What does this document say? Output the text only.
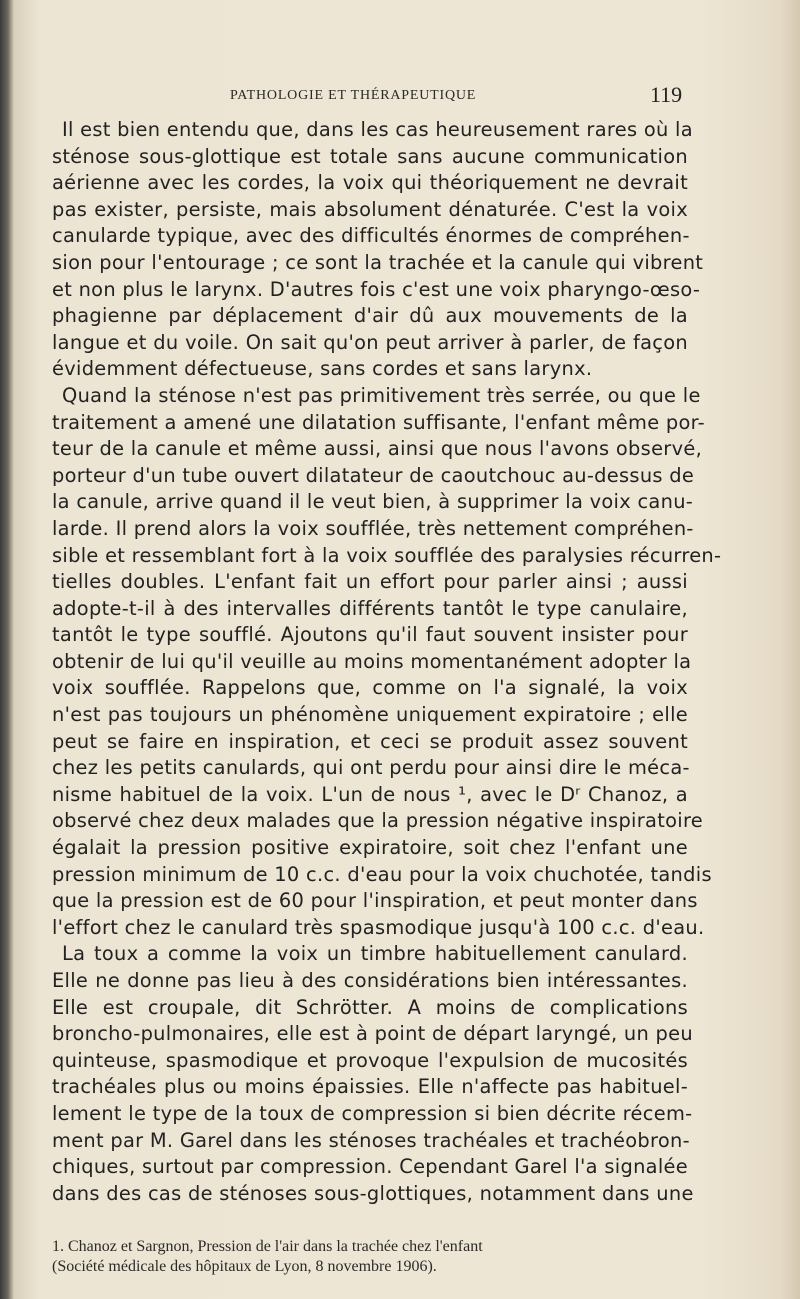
PATHOLOGIE ET THÉRAPEUTIQUE	119
Il est bien entendu que, dans les cas heureusement rares où la
sténose sous-glottique est totale sans aucune communication
aérienne avec les cordes, la voix qui théoriquement ne devrait
pas exister, persiste, mais absolument dénaturée. C'est la voix
canularde typique, avec des difficultés énormes de compréhen-
sion pour l'entourage ; ce sont la trachée et la canule qui vibrent
et non plus le larynx. D'autres fois c'est une voix pharyngo-œso-
phagienne par déplacement d'air dû aux mouvements de la
langue et du voile. On sait qu'on peut arriver à parler, de façon
évidemment défectueuse, sans cordes et sans larynx.
Quand la sténose n'est pas primitivement très serrée, ou que le
traitement a amené une dilatation suffisante, l'enfant même por-
teur de la canule et même aussi, ainsi que nous l'avons observé,
porteur d'un tube ouvert dilatateur de caoutchouc au-dessus de
la canule, arrive quand il le veut bien, à supprimer la voix canu-
larde. Il prend alors la voix soufflée, très nettement compréhen-
sible et ressemblant fort à la voix soufflée des paralysies récurren-
tielles doubles. L'enfant fait un effort pour parler ainsi ; aussi
adopte-t-il à des intervalles différents tantôt le type canulaire,
tantôt le type soufflé. Ajoutons qu'il faut souvent insister pour
obtenir de lui qu'il veuille au moins momentanément adopter la
voix soufflée. Rappelons que, comme on l'a signalé, la voix
n'est pas toujours un phénomène uniquement expiratoire ; elle
peut se faire en inspiration, et ceci se produit assez souvent
chez les petits canulards, qui ont perdu pour ainsi dire le méca-
nisme habituel de la voix. L'un de nous ¹, avec le Dʳ Chanoz, a
observé chez deux malades que la pression négative inspiratoire
égalait la pression positive expiratoire, soit chez l'enfant une
pression minimum de 10 c.c. d'eau pour la voix chuchotée, tandis
que la pression est de 60 pour l'inspiration, et peut monter dans
l'effort chez le canulard très spasmodique jusqu'à 100 c.c. d'eau.
La toux a comme la voix un timbre habituellement canulard.
Elle ne donne pas lieu à des considérations bien intéressantes.
Elle est croupale, dit Schrötter. A moins de complications
broncho-pulmonaires, elle est à point de départ laryngé, un peu
quinteuse, spasmodique et provoque l'expulsion de mucosités
trachéales plus ou moins épaissies. Elle n'affecte pas habituel-
lement le type de la toux de compression si bien décrite récem-
ment par M. Garel dans les sténoses trachéales et trachéobron-
chiques, surtout par compression. Cependant Garel l'a signalée
dans des cas de sténoses sous-glottiques, notamment dans une
1. Chanoz et Sargnon, Pression de l'air dans la trachée chez l'enfant
(Société médicale des hôpitaux de Lyon, 8 novembre 1906).
